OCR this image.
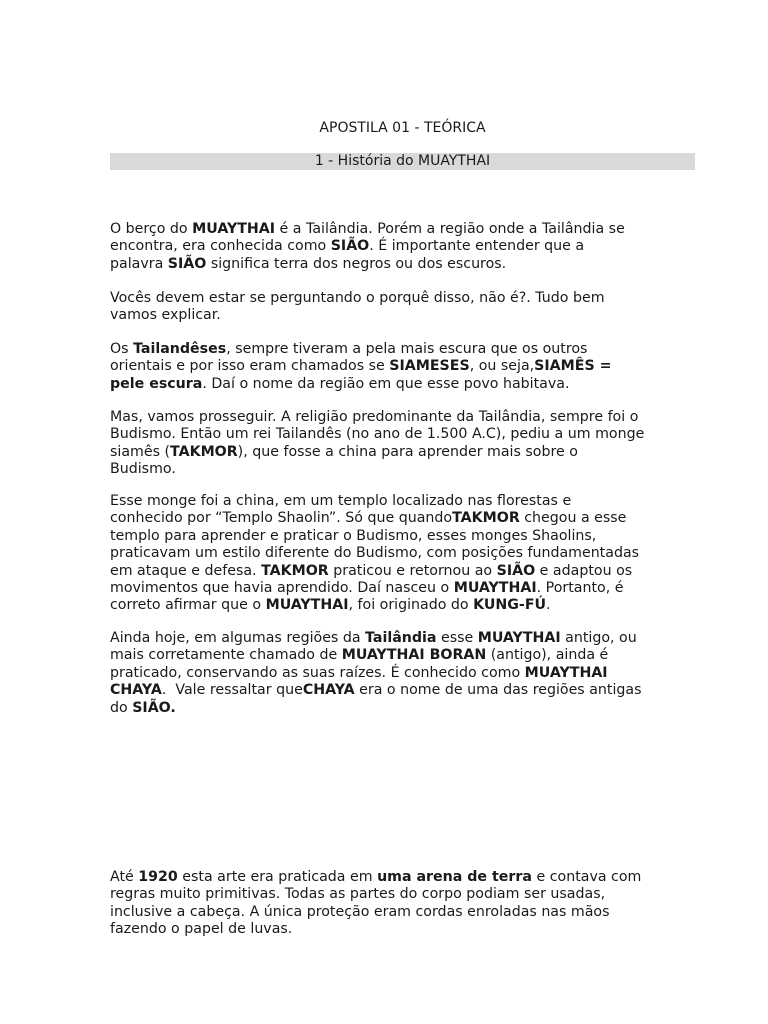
APOSTILA 01 - TEÓRICA
1 - História do MUAYTHAI

O berço do MUAYTHAI é a Tailândia. Porém a região onde a Tailândia se
encontra, era conhecida como SIÃO. É importante entender que a
palavra SIÃO significa terra dos negros ou dos escuros.

Vocês devem estar se perguntando o porquê disso, não é?. Tudo bem
vamos explicar.

Os Tailandêses, sempre tiveram a pela mais escura que os outros
orientais e por isso eram chamados se SIAMESES, ou seja,SIAMÊS =
pele escura. Daí o nome da região em que esse povo habitava.

Mas, vamos prosseguir. A religião predominante da Tailândia, sempre foi o
Budismo. Então um rei Tailandês (no ano de 1.500 A.C), pediu a um monge
siamês (TAKMOR), que fosse a china para aprender mais sobre o
Budismo.

Esse monge foi a china, em um templo localizado nas florestas e
conhecido por “Templo Shaolin”. Só que quandoTAKMOR chegou a esse
templo para aprender e praticar o Budismo, esses monges Shaolins,
praticavam um estilo diferente do Budismo, com posições fundamentadas
em ataque e defesa. TAKMOR praticou e retornou ao SIÃO e adaptou os
movimentos que havia aprendido. Daí nasceu o MUAYTHAI. Portanto, é
correto afirmar que o MUAYTHAI, foi originado do KUNG-FÚ.

Ainda hoje, em algumas regiões da Tailândia esse MUAYTHAI antigo, ou
mais corretamente chamado de MUAYTHAI BORAN (antigo), ainda é
praticado, conservando as suas raízes. É conhecido como MUAYTHAI
CHAYA.  Vale ressaltar queCHAYA era o nome de uma das regiões antigas
do SIÃO.

Até 1920 esta arte era praticada em uma arena de terra e contava com
regras muito primitivas. Todas as partes do corpo podiam ser usadas,
inclusive a cabeça. A única proteção eram cordas enroladas nas mãos
fazendo o papel de luvas.
